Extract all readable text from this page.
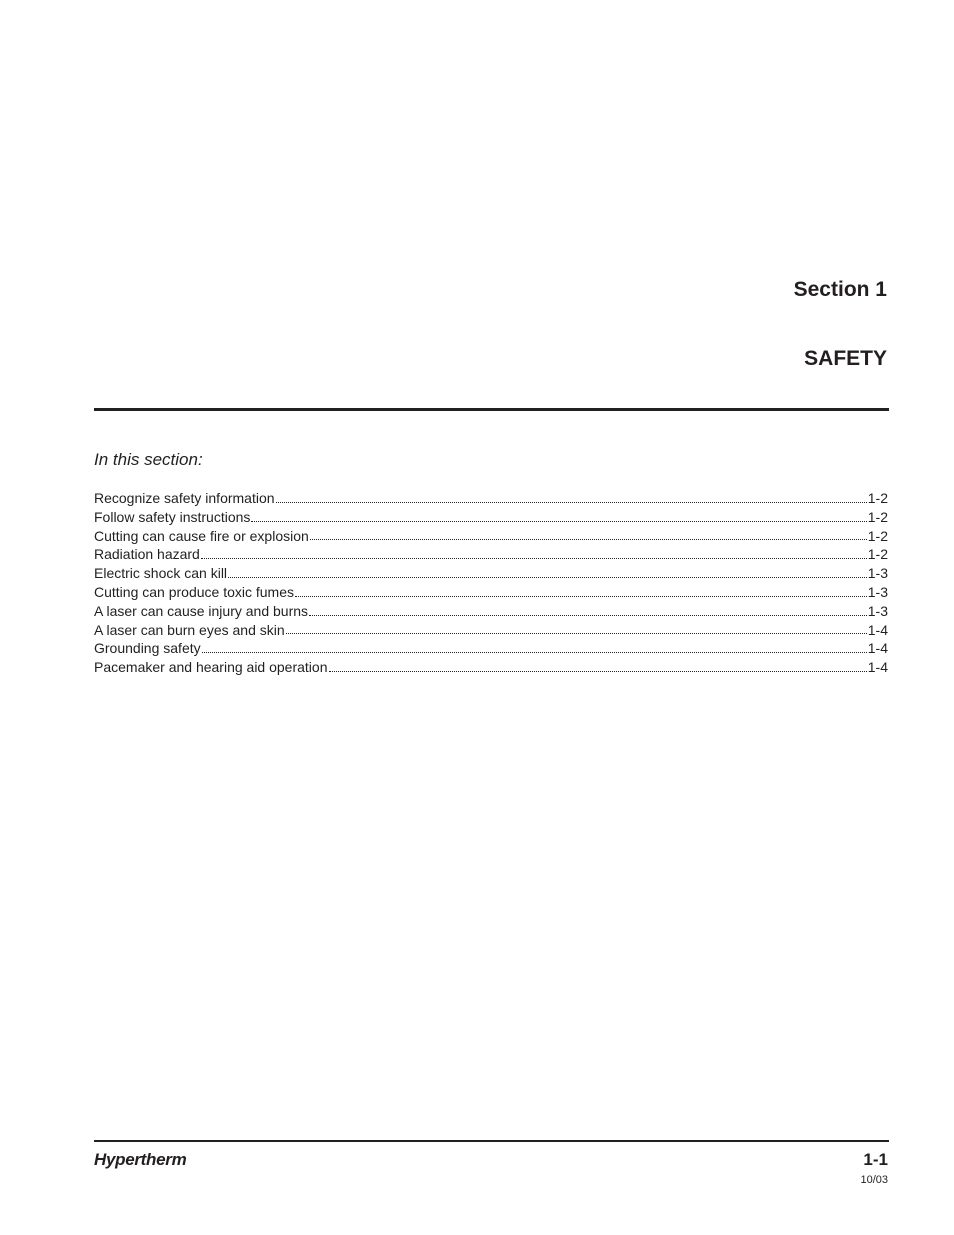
Section 1
SAFETY
In this section:
Recognize safety information	1-2
Follow safety instructions	1-2
Cutting can cause fire or explosion	1-2
Radiation hazard	1-2
Electric shock can kill	1-3
Cutting can produce toxic fumes	1-3
A laser can cause injury and burns	1-3
A laser can burn eyes and skin	1-4
Grounding safety	1-4
Pacemaker and hearing aid operation	1-4
Hypertherm	1-1
10/03
